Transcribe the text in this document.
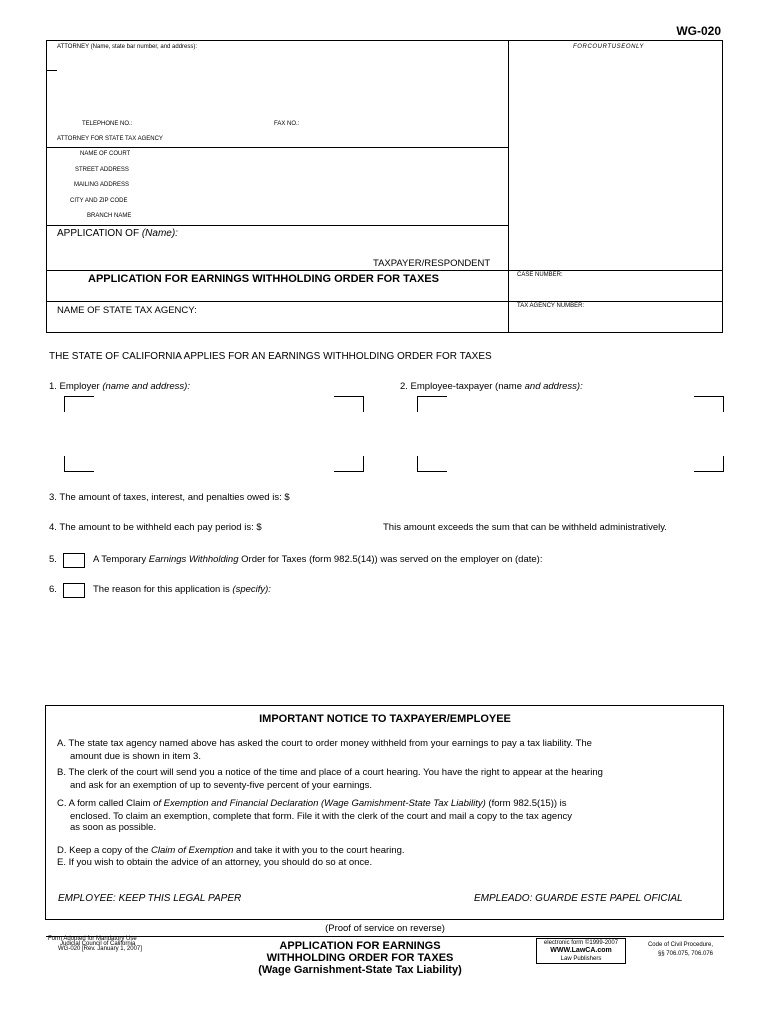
WG-020
ATTORNEY (Name, state bar number, and address):	FORCOURTUSEONLY
TELEPHONE NO.:	FAX NO.:
ATTORNEY FOR STATE TAX AGENCY
NAME OF COURT
STREET ADDRESS
MAILING ADDRESS
CITY AND ZIP CODE
BRANCH NAME
APPLICATION OF (Name):
TAXPAYER/RESPONDENT
APPLICATION FOR EARNINGS WITHHOLDING ORDER FOR TAXES	CASE NUMBER:
NAME OF STATE TAX AGENCY:	TAX AGENCY NUMBER:
THE STATE OF CALIFORNIA APPLIES FOR AN EARNINGS WITHHOLDING ORDER FOR TAXES
1. Employer (name and address):	2. Employee-taxpayer (name and address):
3. The amount of taxes, interest, and penalties owed is: $
4. The amount to be withheld each pay period is: $	This amount exceeds the sum that can be withheld administratively.
5.	A Temporary Earnings Withholding Order for Taxes (form 982.5(14)) was served on the employer on (date):
6.	The reason for this application is (specify):
IMPORTANT NOTICE TO TAXPAYER/EMPLOYEE
A. The state tax agency named above has asked the court to order money withheld from your earnings to pay a tax liability. The
amount due is shown in item 3.
B. The clerk of the court will send you a notice of the time and place of a court hearing. You have the right to appear at the hearing
and ask for an exemption of up to seventy-five percent of your earnings.
C. A form called Claim of Exemption and Financial Declaration (Wage Gamishment-State Tax Liability) (form 982.5(15)) is
enclosed. To claim an exemption, complete that form. File it with the clerk of the court and mail a copy to the tax agency
as soon as possible.
D. Keep a copy of the Claim of Exemption and take it with you to the court hearing.
E. If you wish to obtain the advice of an attorney, you should do so at once.
EMPLOYEE: KEEP THIS LEGAL PAPER	EMPLEADO: GUARDE ESTE PAPEL OFICIAL
(Proof of service on reverse)
Form Adopted for Mandatory Use
Judicial Council of California
WG-020 [Rev. January 1, 2007]	APPLICATION FOR EARNINGS
WITHHOLDING ORDER FOR TAXES
(Wage Garnishment-State Tax Liability)
electronic form ©1999-2007
WWW.LawCA.com
Law Publishers
Code of Civil Procedure,
§§ 706.075, 706.076
